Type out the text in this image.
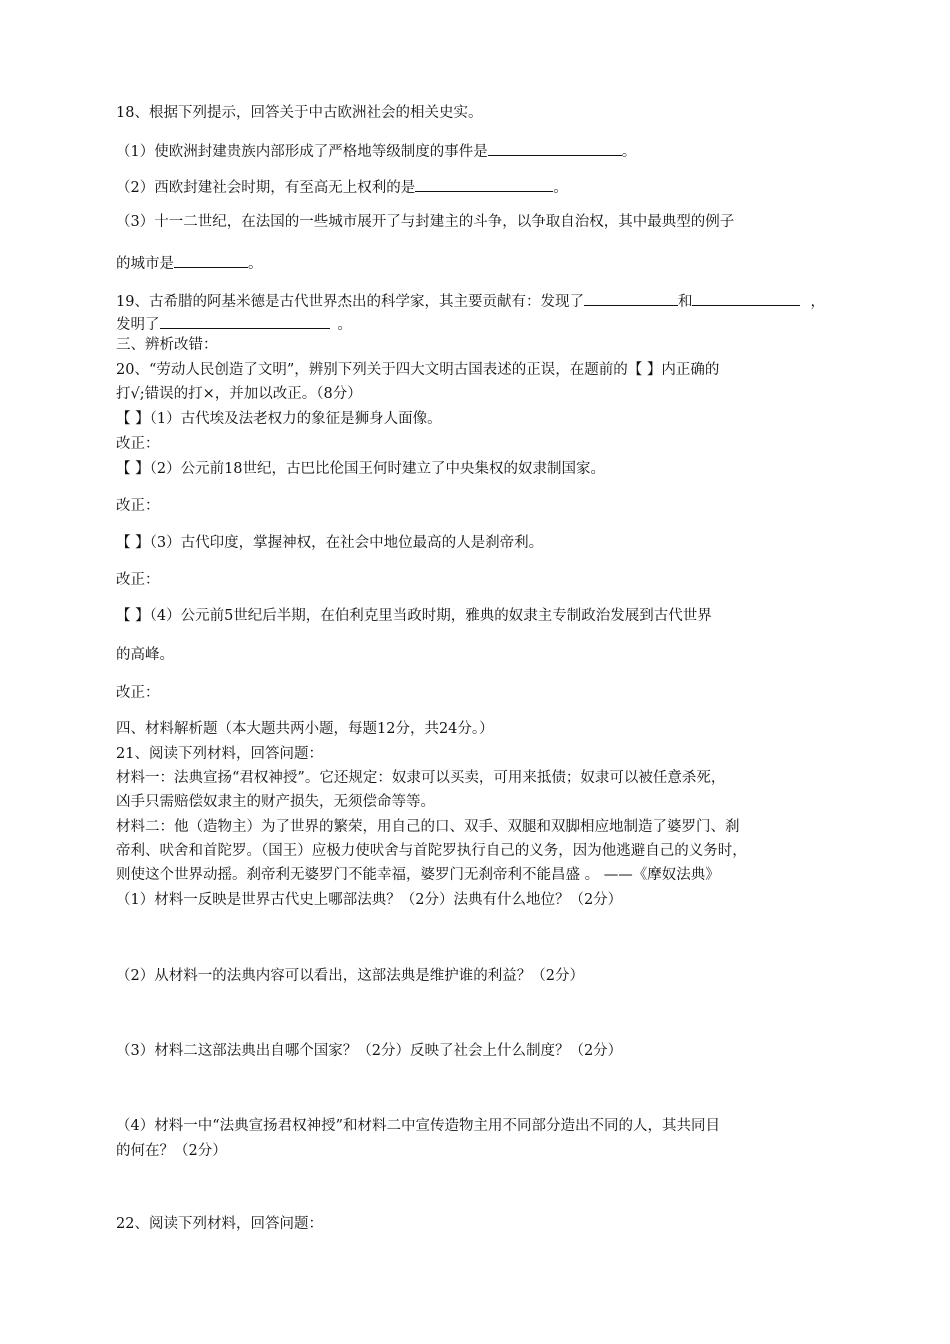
18、根据下列提示，回答关于中古欧洲社会的相关史实。
（1）使欧洲封建贵族内部形成了严格地等级制度的事件是	。
（2）西欧封建社会时期，有至高无上权利的是	。
（3）十一二世纪，在法国的一些城市展开了与封建主的斗争，以争取自治权，其中最典型的例子
的城市是	。
19、古希腊的阿基米德是古代世界杰出的科学家，其主要贡献有：发现了	和	，
发明了	。
三、辨析改错：
20、“劳动人民创造了文明”，辨别下列关于四大文明古国表述的正误，在题前的【 】内正确的
打√;错误的打×，并加以改正。（8分）
【 】（1）古代埃及法老权力的象征是狮身人面像。
改正：
【 】（2）公元前18世纪，古巴比伦国王何时建立了中央集权的奴隶制国家。
改正：
【 】（3）古代印度，掌握神权，在社会中地位最高的人是刹帝利。
改正：
【 】（4）公元前5世纪后半期，在伯利克里当政时期，雅典的奴隶主专制政治发展到古代世界
的高峰。
改正：
四、材料解析题（本大题共两小题，每题12分，共24分。）
21、阅读下列材料，回答问题：
材料一：法典宣扬“君权神授”。它还规定：奴隶可以买卖，可用来抵债；奴隶可以被任意杀死，
凶手只需赔偿奴隶主的财产损失，无须偿命等等。
材料二：他（造物主）为了世界的繁荣，用自己的口、双手、双腿和双脚相应地制造了婆罗门、刹
帝利、吠舍和首陀罗。（国王）应极力使吠舍与首陀罗执行自己的义务，因为他逃避自己的义务时，
则使这个世界动摇。刹帝利无婆罗门不能幸福，婆罗门无刹帝利不能昌盛 。 ——《摩奴法典》
（1）材料一反映是世界古代史上哪部法典？（2分）法典有什么地位？（2分）
（2）从材料一的法典内容可以看出，这部法典是维护谁的利益？（2分）
（3）材料二这部法典出自哪个国家？（2分）反映了社会上什么制度？（2分）
（4）材料一中“法典宣扬君权神授”和材料二中宣传造物主用不同部分造出不同的人，其共同目
的何在？（2分）
22、阅读下列材料，回答问题：
